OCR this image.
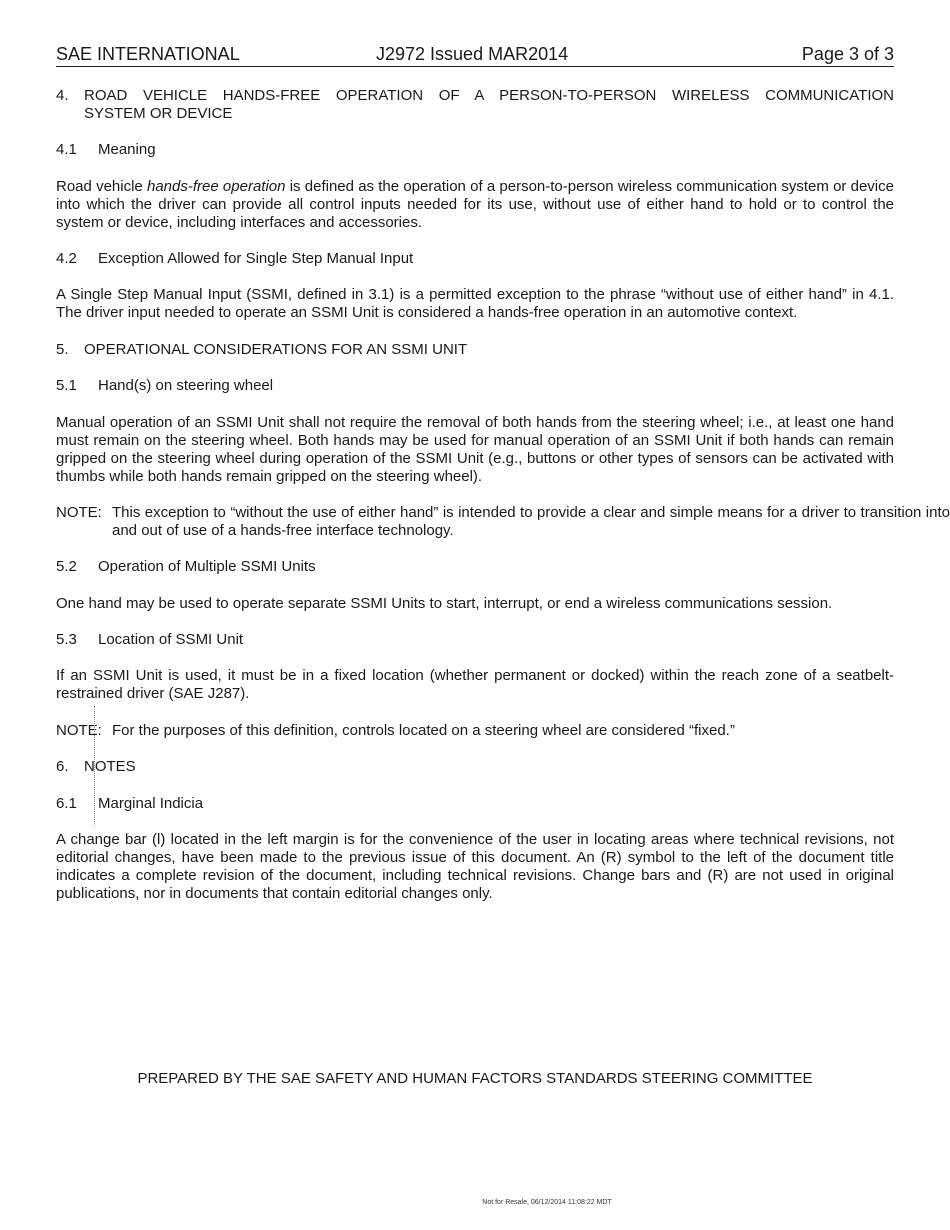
SAE INTERNATIONAL	J2972 Issued MAR2014	Page 3 of 3
4. ROAD VEHICLE HANDS-FREE OPERATION OF A PERSON-TO-PERSON WIRELESS COMMUNICATION
SYSTEM OR DEVICE
4.1 Meaning

Road vehicle hands-free operation is defined as the operation of a person-to-person wireless communication system or device into which the driver can provide all control inputs needed for its use, without use of either hand to hold or to control the system or device, including interfaces and accessories.

4.2 Exception Allowed for Single Step Manual Input

A Single Step Manual Input (SSMI, defined in 3.1) is a permitted exception to the phrase “without use of either hand” in 4.1. The driver input needed to operate an SSMI Unit is considered a hands-free operation in an automotive context.

5. OPERATIONAL CONSIDERATIONS FOR AN SSMI UNIT
5.1 Hand(s) on steering wheel

Manual operation of an SSMI Unit shall not require the removal of both hands from the steering wheel; i.e., at least one hand must remain on the steering wheel. Both hands may be used for manual operation of an SSMI Unit if both hands can remain gripped on the steering wheel during operation of the SSMI Unit (e.g., buttons or other types of sensors can be activated with thumbs while both hands remain gripped on the steering wheel).

NOTE: This exception to “without the use of either hand” is intended to provide a clear and simple means for a driver to transition into and out of use of a hands-free interface technology.
5.2 Operation of Multiple SSMI Units

One hand may be used to operate separate SSMI Units to start, interrupt, or end a wireless communications session.

5.3 Location of SSMI Unit

If an SSMI Unit is used, it must be in a fixed location (whether permanent or docked) within the reach zone of a seatbelt-restrained driver (SAE J287).

NOTE: For the purposes of this definition, controls located on a steering wheel are considered “fixed.”
6. NOTES
6.1 Marginal Indicia

A change bar (l) located in the left margin is for the convenience of the user in locating areas where technical revisions, not editorial changes, have been made to the previous issue of this document. An (R) symbol to the left of the document title indicates a complete revision of the document, including technical revisions. Change bars and (R) are not used in original publications, nor in documents that contain editorial changes only.

PREPARED BY THE SAE SAFETY AND HUMAN FACTORS STANDARDS STEERING COMMITTEE
Not for Resale, 06/12/2014 11:08:22 MDT
